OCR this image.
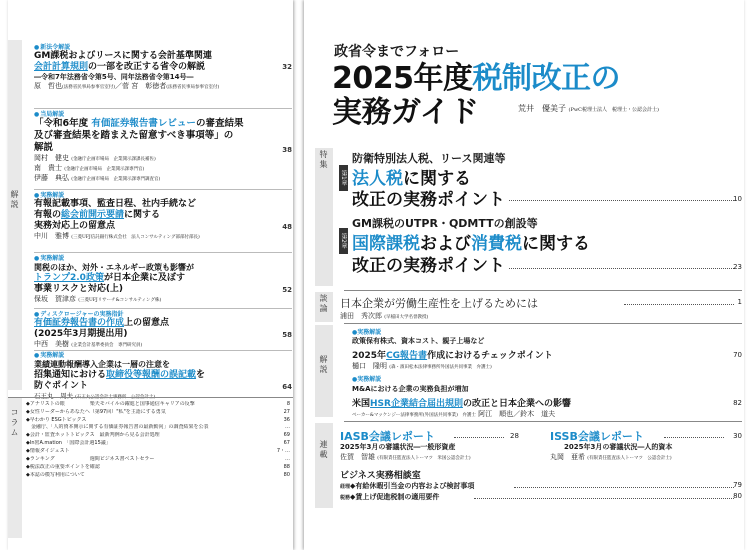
解説
● 新法令解説
GM課税およびリースに関する会計基準関連
会計計算規則の一部を改正する省令の解説	32
―令和7年法務省令第5号、同年法務省令第14号―
原　哲也(法務省民事局参事官室付)／菅 宮　彰徳者(法務省民事局参事官室付)
● 当局解説
「令和6年度 有価証券報告書レビューの審査結果
及び審査結果を踏まえた留意すべき事項等」の
解説	38
岡村　健史 (金融庁企画市場局　企業開示課課長補佐)
南　貴士 (金融庁企画市場局　企業開示課専門官)
伊藤　典弘 (金融庁企画市場局　企業開示課専門調査官)
● 実務解説
有報記載事項、監査日程、社内手続など
有報の総会前開示要請に関する
実務対応上の留意点	48
中川　雅博 (三菱UFJ信託銀行株式会社　法人コンサルティング部部付部長)
● 実務解説
関税のほか、対外・エネルギー政策も影響が
トランプ2.0政策が日本企業に及ぼす
事業リスクと対応(上)	52
保坂　賀津彦 (三菱UFJリサーチ&コンサルティング株)
● ディスクロージャーの実務指針
有価証券報告書の作成上の留意点
(2025年3月期提出用)	58
中西　美樹 (企業会計基準委員会　専門研究員)
● 実務解説
業績連動報酬導入企業は一層の注意を
招集通知における取締役等報酬の誤記載を
防ぐポイント	64
石王丸　周夫 (石王丸公認会計士事務所　公認会計士)
コラム
◆アナリストの眼　　　　　楽天モバイルの躍進と国事通信キャリアの反撃	8
◆女性リーダーからあなたへ（第97回）"私"を主語にする勇気	27
◆早わかり ESGトピックス	36
　金融庁、「人的資本開示に関する有価証券報告書の最新動向」の調査結果を公表	…
◆会計・監査ホットトピックス　最新判例から見る会計処理	69
◆In密A.mation　「国際会計週15議」	67
◆情報ダイジェスト	7・…
◆ランキング　　　　　　　週間ビジネス書ベストセラー	…
◆税法改正の重要ポイントを確認	88
◆本誌の模写利用について	80
政省令までフォロー
2025年度税制改正の
実務ガイド	荒井　優美子 (PwC税理士法人　税理士・公認会計士)
特集
第1章
防衛特別法人税、リース関連等
法人税に関する
改正の実務ポイント	10
第2章
GM課税のUTPR・QDMTTの創設等
国際課税および消費税に関する
改正の実務ポイント	23
談論 日本企業が労働生産性を上げるためには	1
浦田　秀次郎 (早稲田大学名誉教授)
解説
● 実務解説
政策保有株式、資本コスト、親子上場など
2025年CG報告書作成におけるチェックポイント	70
樋口　隆明 (森・濱田松本法律事務所外国法共同事業　弁護士)
● 実務解説
M&Aにおける企業の実務負担が増加
米国HSR企業結合届出規則の改正と日本企業への影響	82
ベーカー&マッケンジー法律事務所(外国法共同事業)　弁護士 阿江　順也／鈴木　道夫
連載
IASB会議レポート	28
2025年3月の審議状況―一般形資産
佐賀　智雄 (有限責任監査法人トーマツ　米国公認会計士)
ISSB会議レポート	30
2025年3月の審議状況―人的資本
丸岡　亜希 (有限責任監査法人トーマツ　公認会計士)
ビジネス実務相談室
経理◆有給休暇引当金の内容および検討事項	79
税務◆賃上げ促進税制の適用要件	80
